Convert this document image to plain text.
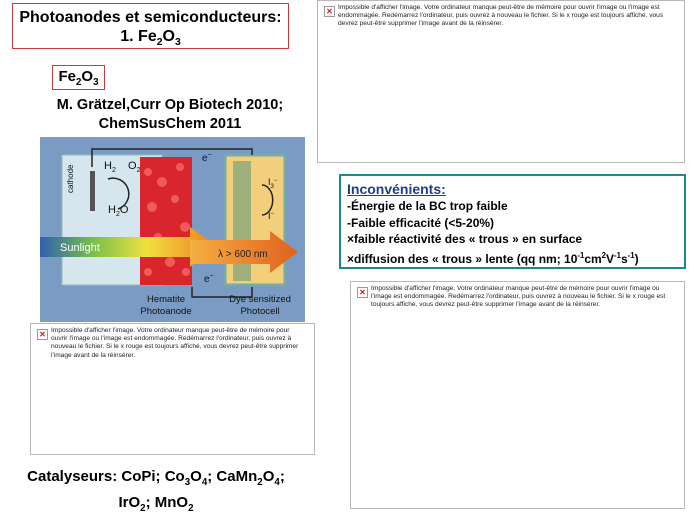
Photoanodes et semiconducteurs:
1. $Fe_2O_3$
$Fe_2O_3$
M. Grätzel,Curr Op Biotech 2010;
ChemSusChem 2011
cathode	$H_2$ $O_2$
$H_2O$
e−
e−
Sunlight
λ > 600 nm
$I_3^-$
I−
Hematite
Photoanode
Dye sensitized
Photocell
✕ Impossible d'afficher l'image. Votre ordinateur manque peut-être de mémoire pour ouvrir l'image ou l'image est endommagée. Redémarrez l'ordinateur, puis ouvrez à nouveau le fichier. Si le x rouge est toujours affiché, vous devrez peut-être supprimer l'image avant de la réinsérer.
✕ Impossible d'afficher l'image. Votre ordinateur manque peut-être de mémoire pour ouvrir l'image ou l'image est endommagée. Redémarrez l'ordinateur, puis ouvrez à nouveau le fichier. Si le x rouge est toujours affiché, vous devrez peut-être supprimer l'image avant de la réinsérer.
✕ Impossible d'afficher l'image. Votre ordinateur manque peut-être de mémoire pour ouvrir l'image ou l'image est endommagée. Redémarrez l'ordinateur, puis ouvrez à nouveau le fichier. Si le x rouge est toujours affiché, vous devrez peut-être supprimer l'image avant de la réinsérer.
Inconvénients:
-Énergie de la BC trop faible
-Faible efficacité (<5-20%)
×faible réactivité des « trous » en surface
×diffusion des « trous » lente (qq nm; $10^{-1}cm^2V^{-1}s^{-1}$)
Catalyseurs: CoPi; $Co_3O_4$; $CaMn_2O_4$;
IrO$_2$; MnO$_2$
